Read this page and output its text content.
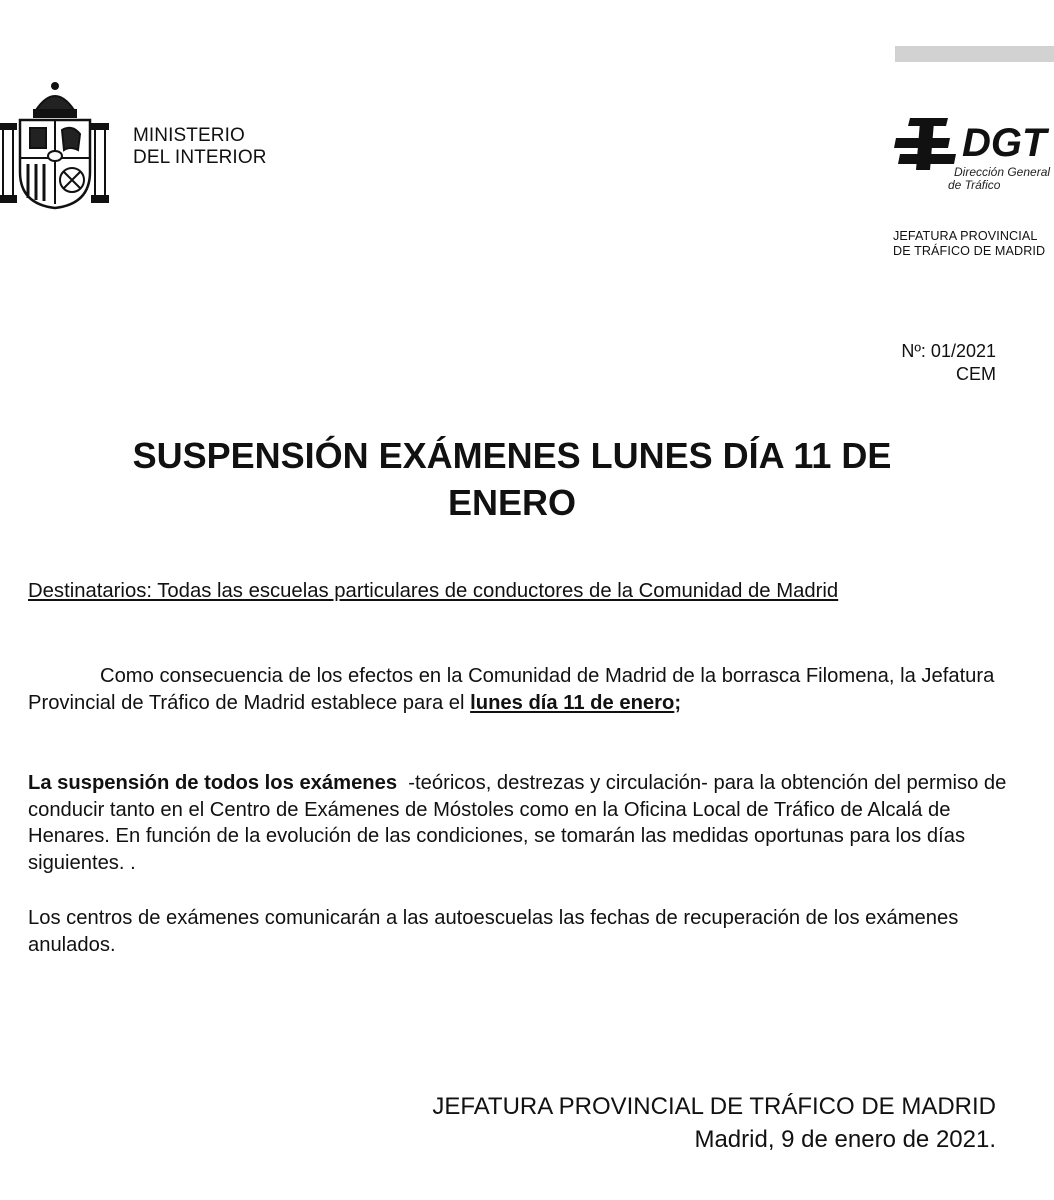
MINISTERIO
DEL INTERIOR	DGT
Dirección General
de Tráfico
JEFATURA PROVINCIAL
DE TRÁFICO DE MADRID
Nº: 01/2021
CEM
SUSPENSIÓN EXÁMENES LUNES DÍA 11 DE
ENERO
Destinatarios: Todas las escuelas particulares de conductores de la Comunidad de Madrid

Como consecuencia de los efectos en la Comunidad de Madrid de la borrasca Filomena, la Jefatura Provincial de Tráfico de Madrid establece para el lunes día 11 de enero;

La suspensión de todos los exámenes  -teóricos, destrezas y circulación- para la obtención del permiso de conducir tanto en el Centro de Exámenes de Móstoles como en la Oficina Local de Tráfico de Alcalá de Henares. En función de la evolución de las condiciones, se tomarán las medidas oportunas para los días siguientes. .

Los centros de exámenes comunicarán a las autoescuelas las fechas de recuperación de los exámenes anulados.

JEFATURA PROVINCIAL DE TRÁFICO DE MADRID
Madrid, 9 de enero de 2021.
